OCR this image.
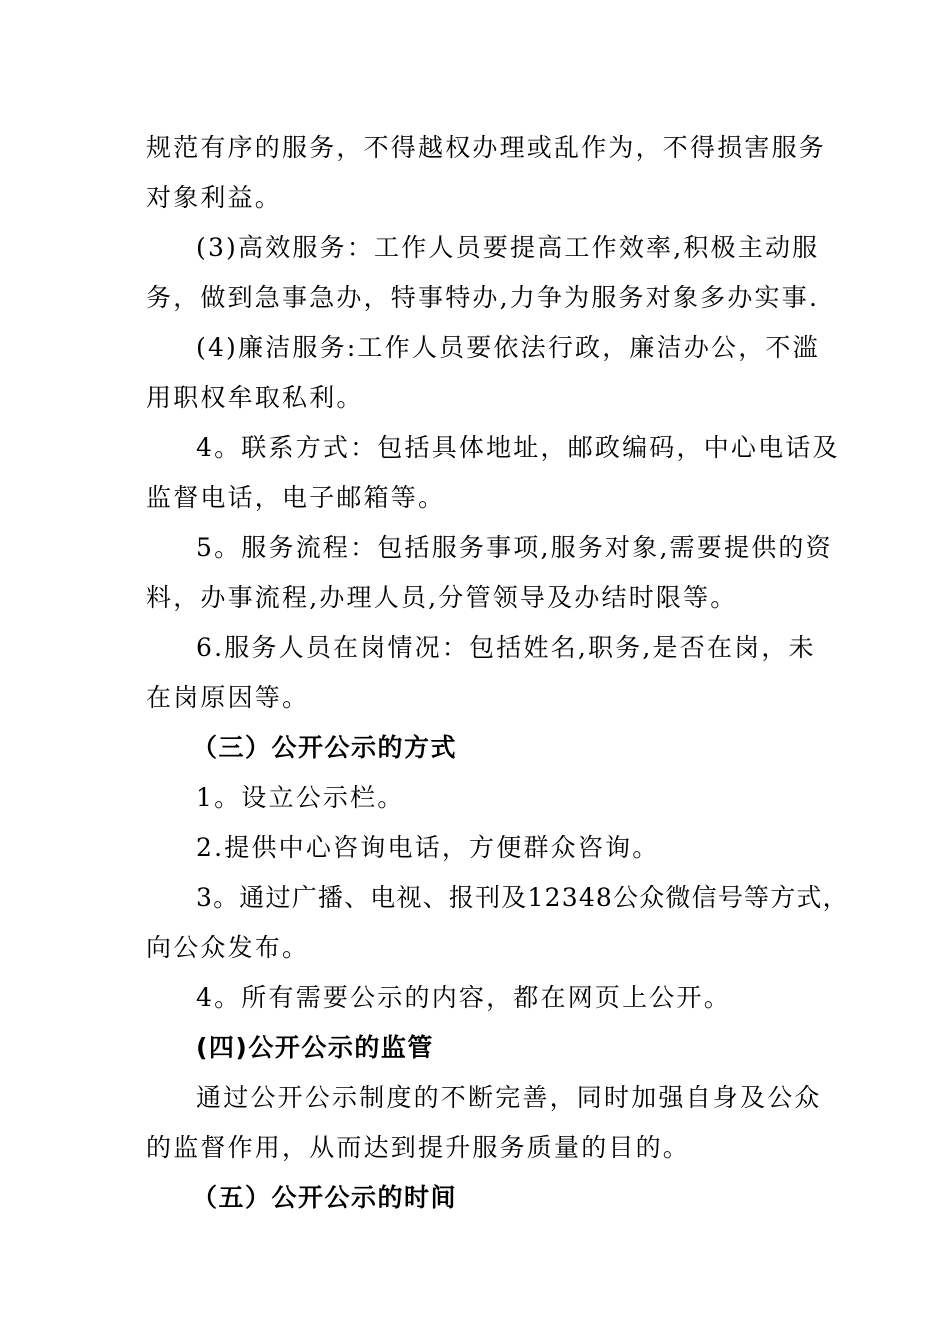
规范有序的服务，不得越权办理或乱作为，不得损害服务
对象利益。
(3)高效服务：工作人员要提高工作效率,积极主动服
务，做到急事急办，特事特办,力争为服务对象多办实事.
(4)廉洁服务:工作人员要依法行政，廉洁办公，不滥
用职权牟取私利。
4。联系方式：包括具体地址，邮政编码，中心电话及
监督电话，电子邮箱等。
5。服务流程：包括服务事项,服务对象,需要提供的资
料，办事流程,办理人员,分管领导及办结时限等。
6.服务人员在岗情况：包括姓名,职务,是否在岗，未
在岗原因等。
（三）公开公示的方式
1。设立公示栏。
2.提供中心咨询电话，方便群众咨询。
3。通过广播、电视、报刊及12348公众微信号等方式，
向公众发布。
4。所有需要公示的内容，都在网页上公开。
(四)公开公示的监管
通过公开公示制度的不断完善，同时加强自身及公众
的监督作用，从而达到提升服务质量的目的。
（五）公开公示的时间
